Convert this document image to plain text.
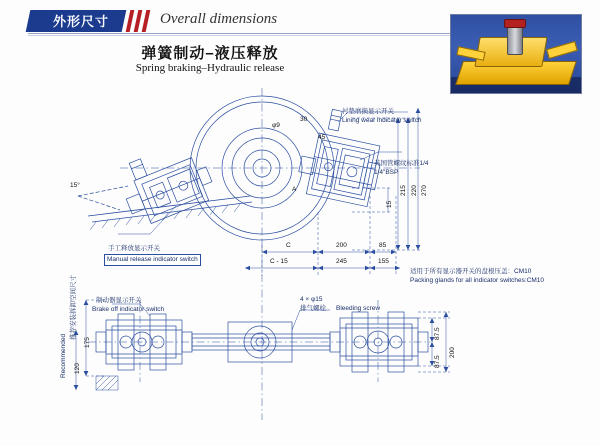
外形尺寸	Overall dimensions
弹簧制动–液压释放
Spring braking–Hydraulic release
衬垫磨损显示开关
Lining wear indicator switch
英国管螺纹标准1/4
1/4"BSP
手工释放显示开关
Manual release indicator switch
制动器显示开关
Brake off indicator switch
4 × φ15
排气螺栓 Bleeding screw
适用于所有显示器开关的盘根压盖：CM10
Packing glands for all indicator switches:CM10
推荐安装拆卸空间尺寸
Recommended
φ9
30
45
15
15°	270
220
215
A
C	200	85
C - 15	245	155
175
120
87.5
87.5
200
